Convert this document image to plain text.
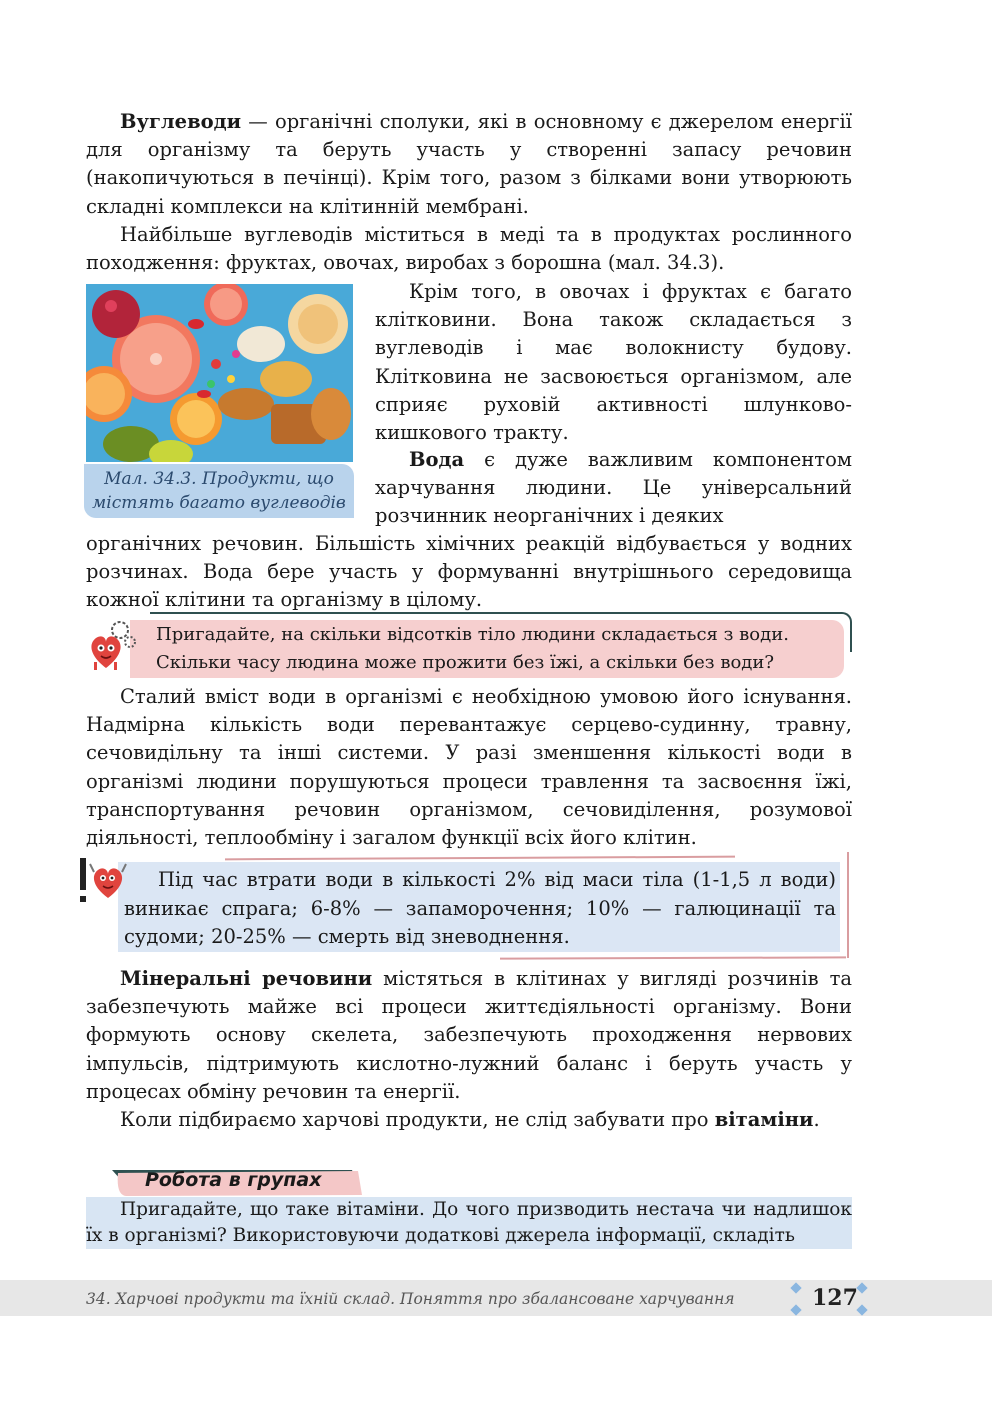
Вуглеводи — органічні сполуки, які в основному є джерелом енергії для організму та беруть участь у створенні запасу речовин (накопичуються в печінці). Крім того, разом з білками вони утворюють складні комплекси на клітинній мембрані.

Найбільше вуглеводів міститься в меді та в продуктах рослинного походження: фруктах, овочах, виробах з борошна (мал. 34.3).

Мал. 34.3. Продукти, що містять багато вуглеводів

Крім того, в овочах і фруктах є багато клітковини. Вона також складається з вуглеводів і має волокнисту будову. Клітковина не засвоюється організмом, але сприяє руховій активності шлунково-кишкового тракту.

Вода є дуже важливим компонентом харчування людини. Це універсальний розчинник неорганічних і деяких

органічних речовин. Більшість хімічних реакцій відбувається у водних розчинах. Вода бере участь у формуванні внутрішнього середовища кожної клітини та організму в цілому.

Пригадайте, на скільки відсотків тіло людини складається з води.
Скільки часу людина може прожити без їжі, а скільки без води?

Сталий вміст води в організмі є необхідною умовою його існування. Надмірна кількість води перевантажує серцево-судинну, травну, сечовидільну та інші системи. У разі зменшення кількості води в організмі людини порушуються процеси травлення та засвоєння їжі, транспортування речовин організмом, сечовиділення, розумової діяльності, теплообміну і загалом функції всіх його клітин.

Під час втрати води в кількості 2% від маси тіла (1-1,5 л води) виникає спрага; 6-8% — запаморочення; 10% — галюцинації та судоми; 20-25% — смерть від зневоднення.

Мінеральні речовини містяться в клітинах у вигляді розчинів та забезпечують майже всі процеси життєдіяльності організму. Вони формують основу скелета, забезпечують проходження нервових імпульсів, підтримують кислотно-лужний баланс і беруть участь у процесах обміну речовин та енергії.

Коли підбираємо харчові продукти, не слід забувати про вітаміни.

Робота в групах

Пригадайте, що таке вітаміни. До чого призводить нестача чи надлишок їх в організмі? Використовуючи додаткові джерела інформації, складіть

34. Харчові продукти та їхній склад. Поняття про збалансоване харчування	127
